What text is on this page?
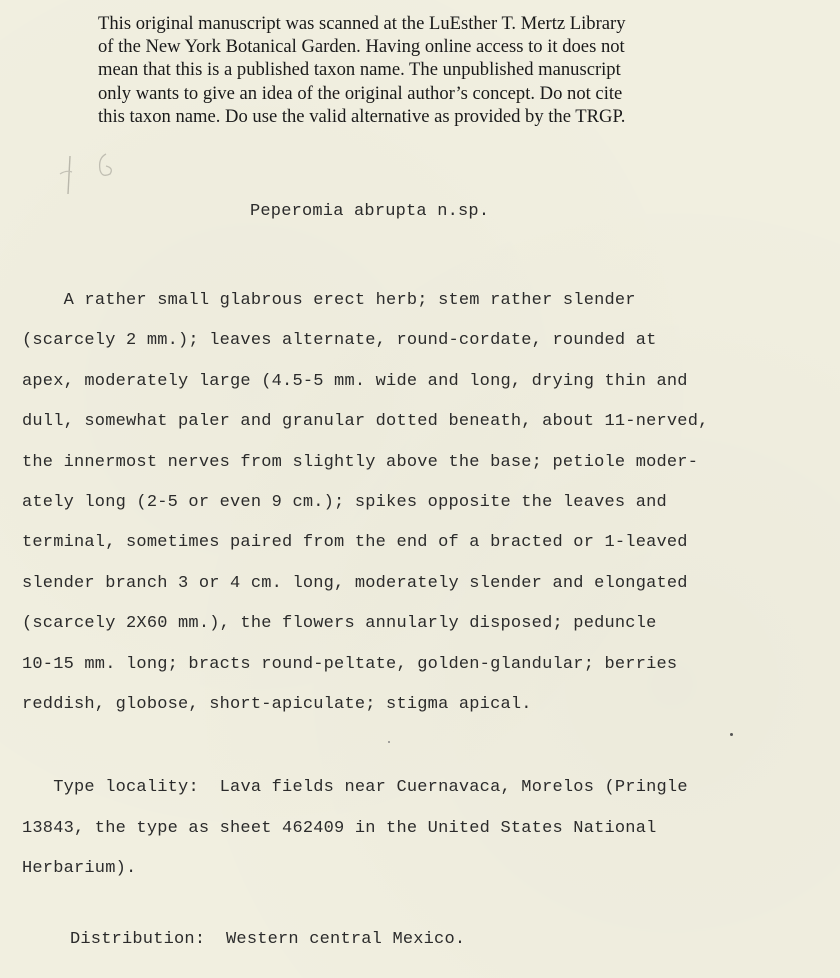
This original manuscript was scanned at the LuEsther T. Mertz Library
of the New York Botanical Garden. Having online access to it does not
mean that this is a published taxon name. The unpublished manuscript
only wants to give an idea of the original author’s concept. Do not cite
this taxon name. Do use the valid alternative as provided by the TRGP.
Peperomia abrupta n.sp.

A rather small glabrous erect herb; stem rather slender
(scarcely 2 mm.); leaves alternate, round-cordate, rounded at
apex, moderately large (4.5-5 mm. wide and long, drying thin and
dull, somewhat paler and granular dotted beneath, about 11-nerved,
the innermost nerves from slightly above the base; petiole moder-
ately long (2-5 or even 9 cm.); spikes opposite the leaves and
terminal, sometimes paired from the end of a bracted or 1-leaved
slender branch 3 or 4 cm. long, moderately slender and elongated
(scarcely 2X60 mm.), the flowers annularly disposed; peduncle
10-15 mm. long; bracts round-peltate, golden-glandular; berries
reddish, globose, short-apiculate; stigma apical.

Type locality:  Lava fields near Cuernavaca, Morelos (Pringle
13843, the type as sheet 462409 in the United States National
Herbarium).

Distribution:  Western central Mexico.
